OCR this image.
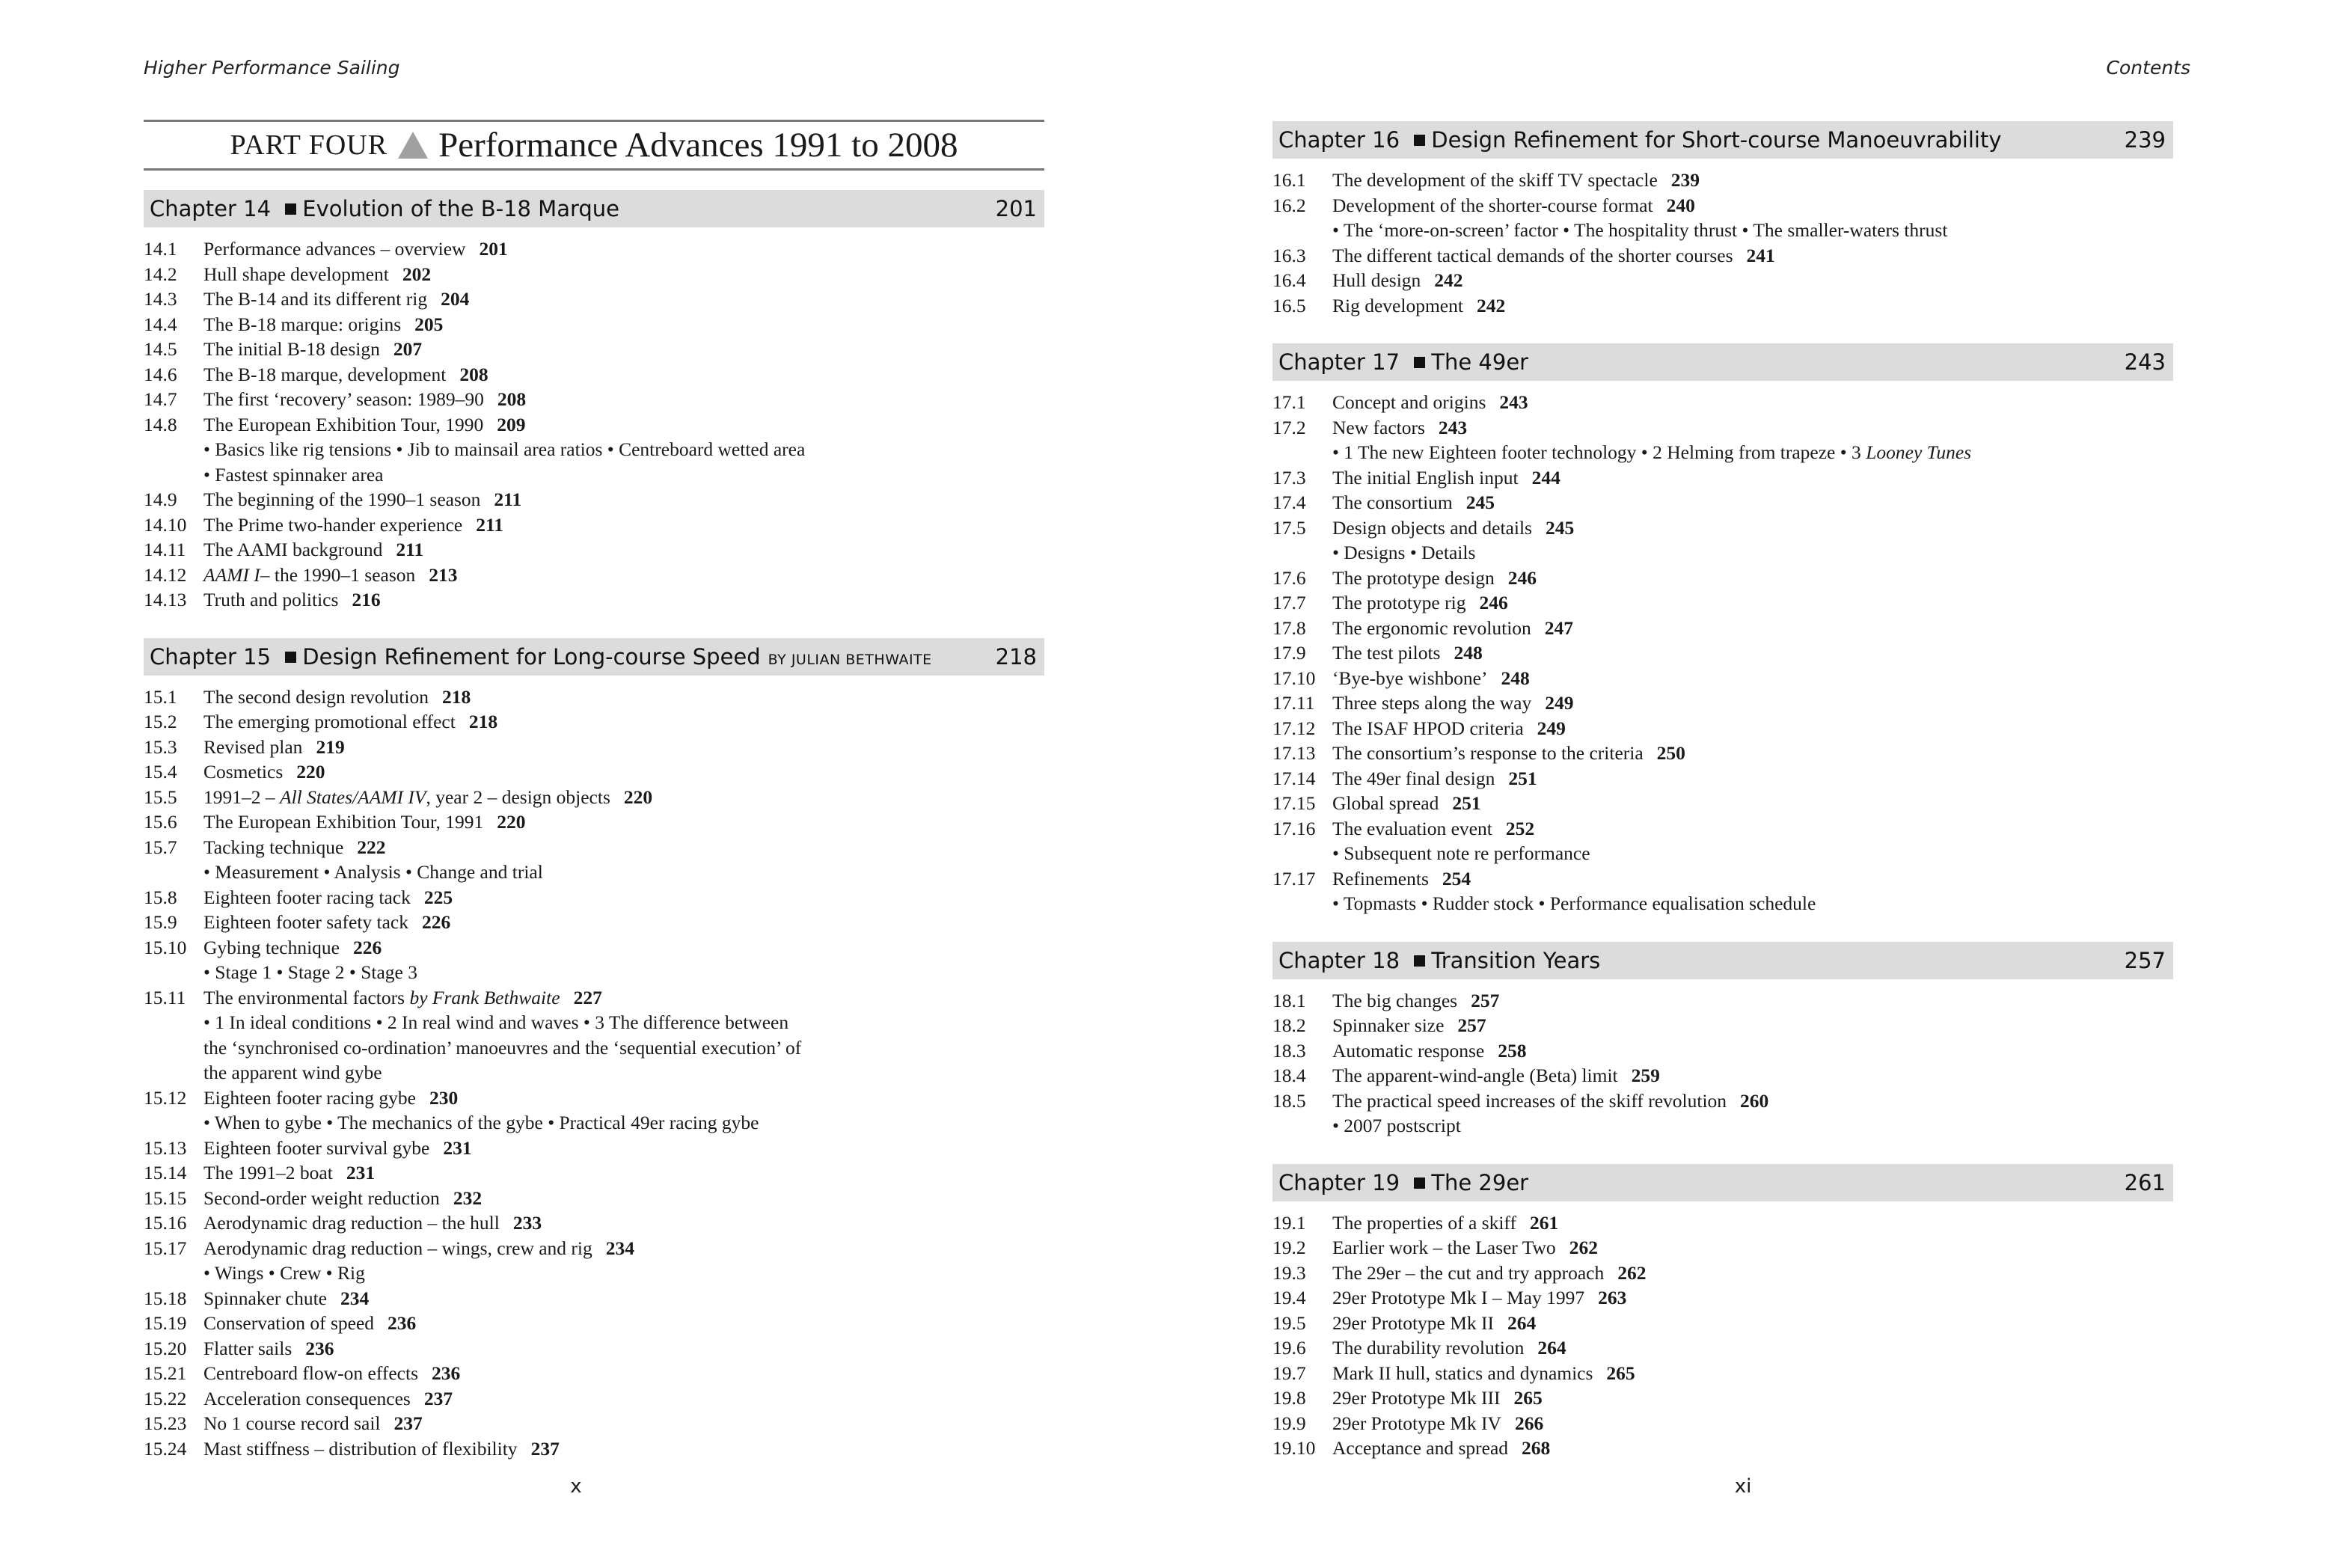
Higher Performance Sailing
PART FOUR Performance Advances 1991 to 2008
Chapter 14 Evolution of the B-18 Marque	201
14.1	Performance advances – overview 201
14.2	Hull shape development 202
14.3	The B-14 and its different rig 204
14.4	The B-18 marque: origins 205
14.5	The initial B-18 design 207
14.6	The B-18 marque, development 208
14.7	The first ‘recovery’ season: 1989–90 208
14.8	The European Exhibition Tour, 1990 209
• Basics like rig tensions • Jib to mainsail area ratios • Centreboard wetted area
• Fastest spinnaker area
14.9	The beginning of the 1990–1 season 211
14.10 The Prime two-hander experience 211
14.11 The AAMI background 211
14.12 AAMI I– the 1990–1 season 213
14.13 Truth and politics 216
Chapter 15 Design Refinement for Long-course Speed BY JULIAN BETHWAITE	218
15.1	The second design revolution 218
15.2	The emerging promotional effect 218
15.3	Revised plan 219
15.4	Cosmetics 220
15.5	1991–2 – All States/AAMI IV, year 2 – design objects 220
15.6	The European Exhibition Tour, 1991 220
15.7	Tacking technique 222
• Measurement • Analysis • Change and trial
15.8	Eighteen footer racing tack 225
15.9	Eighteen footer safety tack 226
15.10 Gybing technique 226
• Stage 1 • Stage 2 • Stage 3
15.11 The environmental factors by Frank Bethwaite 227
• 1 In ideal conditions • 2 In real wind and waves • 3 The difference between
the ‘synchronised co-ordination’ manoeuvres and the ‘sequential execution’ of
the apparent wind gybe
15.12 Eighteen footer racing gybe 230
• When to gybe • The mechanics of the gybe • Practical 49er racing gybe
15.13 Eighteen footer survival gybe 231
15.14 The 1991–2 boat 231
15.15 Second-order weight reduction 232
15.16 Aerodynamic drag reduction – the hull 233
15.17 Aerodynamic drag reduction – wings, crew and rig 234
• Wings • Crew • Rig
15.18 Spinnaker chute 234
15.19 Conservation of speed 236
15.20 Flatter sails 236
15.21 Centreboard flow-on effects 236
15.22 Acceleration consequences 237
15.23 No 1 course record sail 237
15.24 Mast stiffness – distribution of flexibility 237
x
Contents
Chapter 16 Design Refinement for Short-course Manoeuvrability	239
16.1	The development of the skiff TV spectacle 239
16.2	Development of the shorter-course format 240
• The ‘more-on-screen’ factor • The hospitality thrust • The smaller-waters thrust
16.3	The different tactical demands of the shorter courses 241
16.4	Hull design 242
16.5	Rig development 242
Chapter 17 The 49er	243
17.1	Concept and origins 243
17.2	New factors 243
• 1 The new Eighteen footer technology • 2 Helming from trapeze • 3 Looney Tunes
17.3	The initial English input 244
17.4	The consortium 245
17.5	Design objects and details 245
• Designs • Details
17.6	The prototype design 246
17.7	The prototype rig 246
17.8	The ergonomic revolution 247
17.9	The test pilots 248
17.10 ‘Bye-bye wishbone’ 248
17.11 Three steps along the way 249
17.12 The ISAF HPOD criteria 249
17.13 The consortium’s response to the criteria 250
17.14 The 49er final design 251
17.15 Global spread 251
17.16 The evaluation event 252
• Subsequent note re performance
17.17 Refinements 254
• Topmasts • Rudder stock • Performance equalisation schedule
Chapter 18 Transition Years	257
18.1	The big changes 257
18.2	Spinnaker size 257
18.3	Automatic response 258
18.4	The apparent-wind-angle (Beta) limit 259
18.5	The practical speed increases of the skiff revolution 260
• 2007 postscript
Chapter 19 The 29er	261
19.1	The properties of a skiff 261
19.2	Earlier work – the Laser Two 262
19.3	The 29er – the cut and try approach 262
19.4	29er Prototype Mk I – May 1997 263
19.5	29er Prototype Mk II 264
19.6	The durability revolution 264
19.7	Mark II hull, statics and dynamics 265
19.8	29er Prototype Mk III 265
19.9	29er Prototype Mk IV 266
19.10 Acceptance and spread 268
xi
